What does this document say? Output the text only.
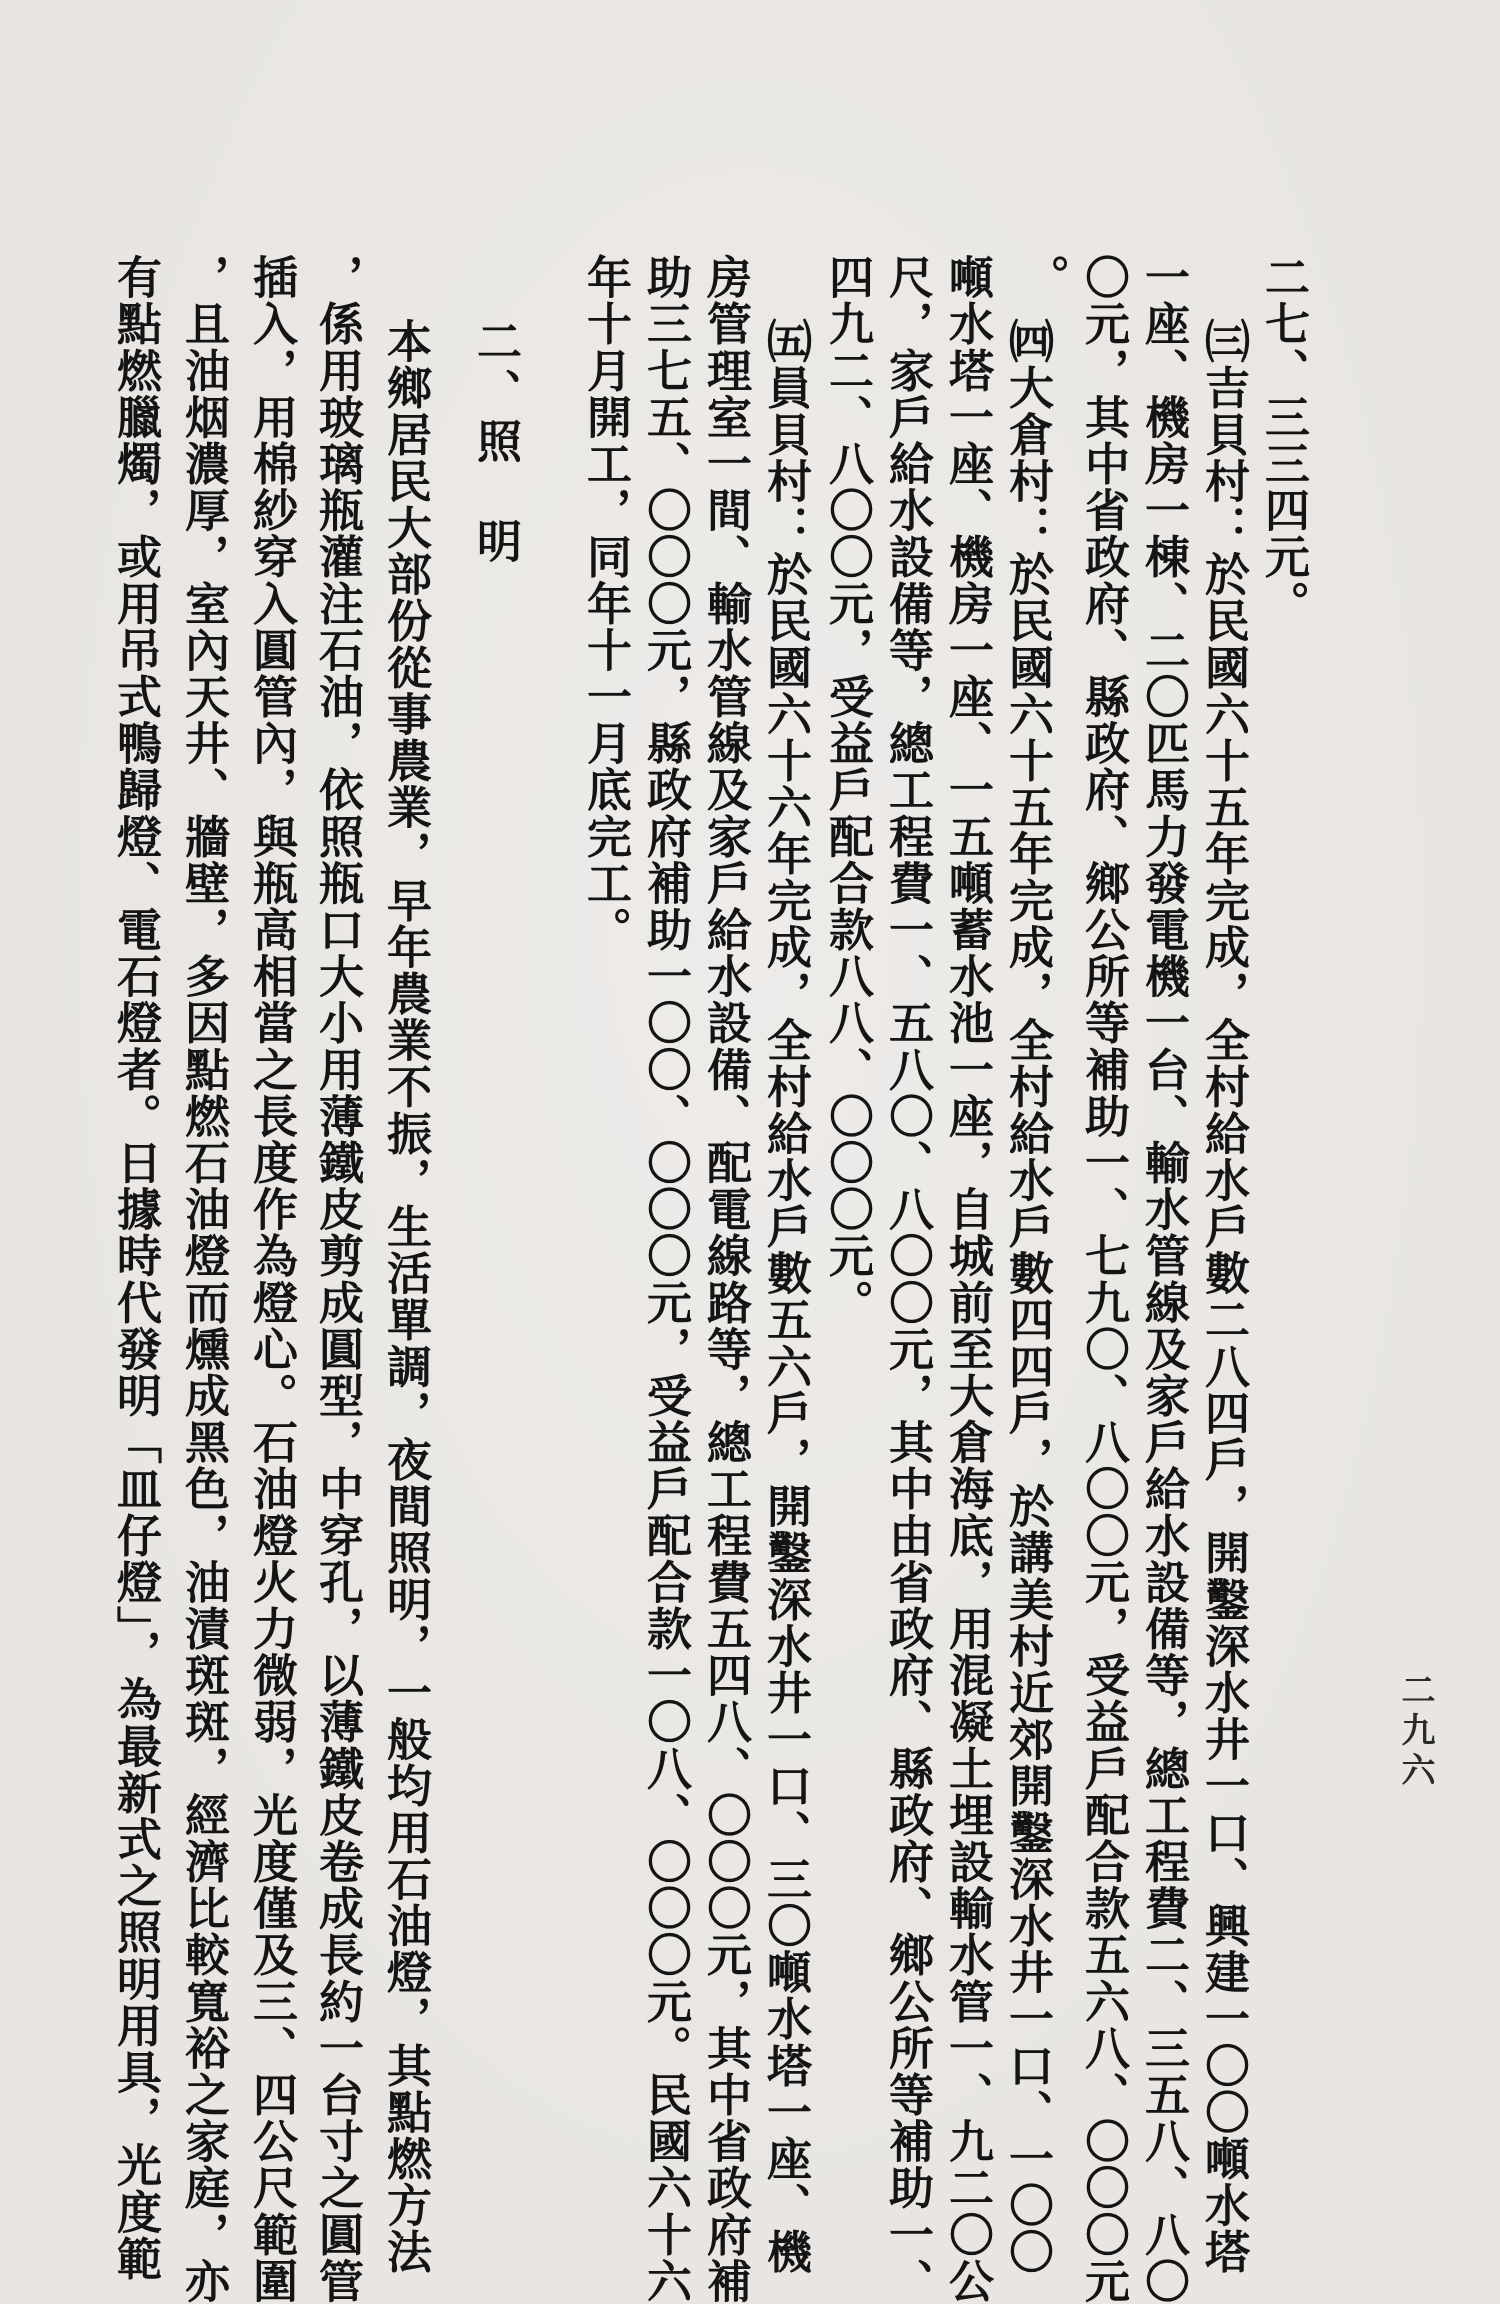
二九六
二七、三三四元。
㈢吉貝村：於民國六十五年完成，全村給水戶數二八四戶，開鑿深水井一口、興建一〇〇噸水塔
一座、機房一棟、二〇匹馬力發電機一台、輸水管線及家戶給水設備等，總工程費二、三五八、八〇
〇元，其中省政府、縣政府、鄉公所等補助一、七九〇、八〇〇元，受益戶配合款五六八、〇〇〇元
。
㈣大倉村：於民國六十五年完成，全村給水戶數四四戶，於講美村近郊開鑿深水井一口、一〇〇
噸水塔一座、機房一座、一五噸蓄水池一座，自城前至大倉海底，用混凝土埋設輸水管一、九二〇公
尺，家戶給水設備等，總工程費一、五八〇、八〇〇元，其中由省政府、縣政府、鄉公所等補助一、
四九二、八〇〇元，受益戶配合款八八、〇〇〇元。
㈤員貝村：於民國六十六年完成，全村給水戶數五六戶，開鑿深水井一口、三〇噸水塔一座、機
房管理室一間、輸水管線及家戶給水設備、配電線路等，總工程費五四八、〇〇〇元，其中省政府補
助三七五、〇〇〇元，縣政府補助一〇〇、〇〇〇元，受益戶配合款一〇八、〇〇〇元。民國六十六
年十月開工，同年十一月底完工。
二、照　明
本鄉居民大部份從事農業，早年農業不振，生活單調，夜間照明，一般均用石油燈，其點燃方法
，係用玻璃瓶灌注石油，依照瓶口大小用薄鐵皮剪成圓型，中穿孔，以薄鐵皮卷成長約一台寸之圓管
插入，用棉紗穿入圓管內，與瓶高相當之長度作為燈心。石油燈火力微弱，光度僅及三、四公尺範圍
，且油烟濃厚，室內天井、牆壁，多因點燃石油燈而燻成黑色，油漬斑斑，經濟比較寬裕之家庭，亦
有點燃臘燭，或用吊式鴨歸燈、電石燈者。日據時代發明「皿仔燈」，為最新式之照明用具，光度範
